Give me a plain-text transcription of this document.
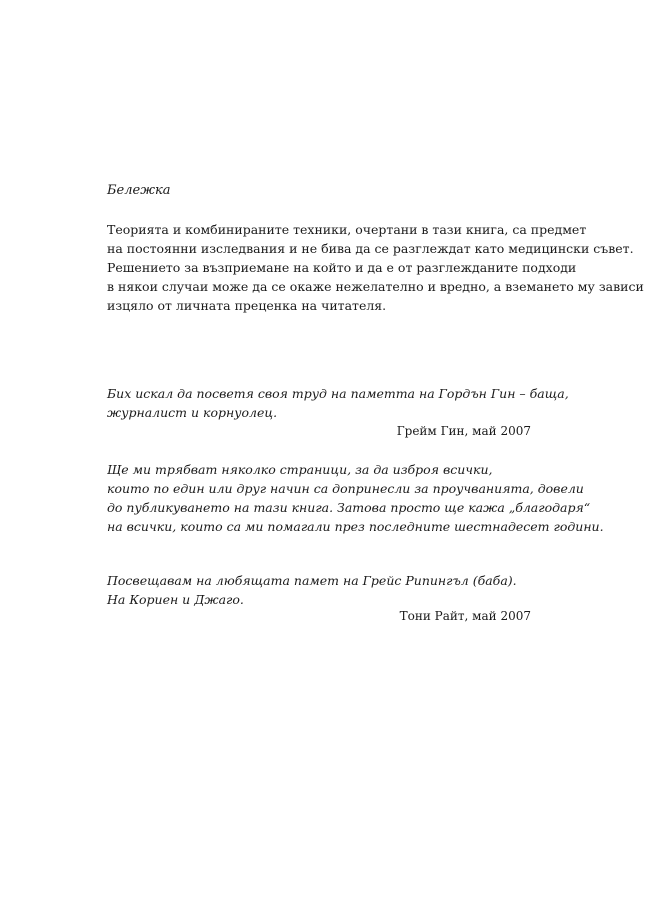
Бележка

Теорията и комбинираните техники, очертани в тази книга, са предмет
на постоянни изследвания и не бива да се разглеждат като медицински съвет.
Решението за възприемане на който и да е от разглежданите подходи
в някои случаи може да се окаже нежелателно и вредно, а вземането му зависи
изцяло от личната преценка на читателя.
Бих искал да посветя своя труд на паметта на Гордън Гин – баща,
журналист и корнуолец.

Грейм Гин, май 2007

Ще ми трябват няколко страници, за да изброя всички,
които по един или друг начин са допринесли за проучванията, довели
до публикуването на тази книга. Затова просто ще кажа „благодаря“
на всички, които са ми помагали през последните шестнадесет години.
Посвещавам на любящата памет на Грейс Рипингъл (баба).
На Кориен и Джаго.

Тони Райт, май 2007
